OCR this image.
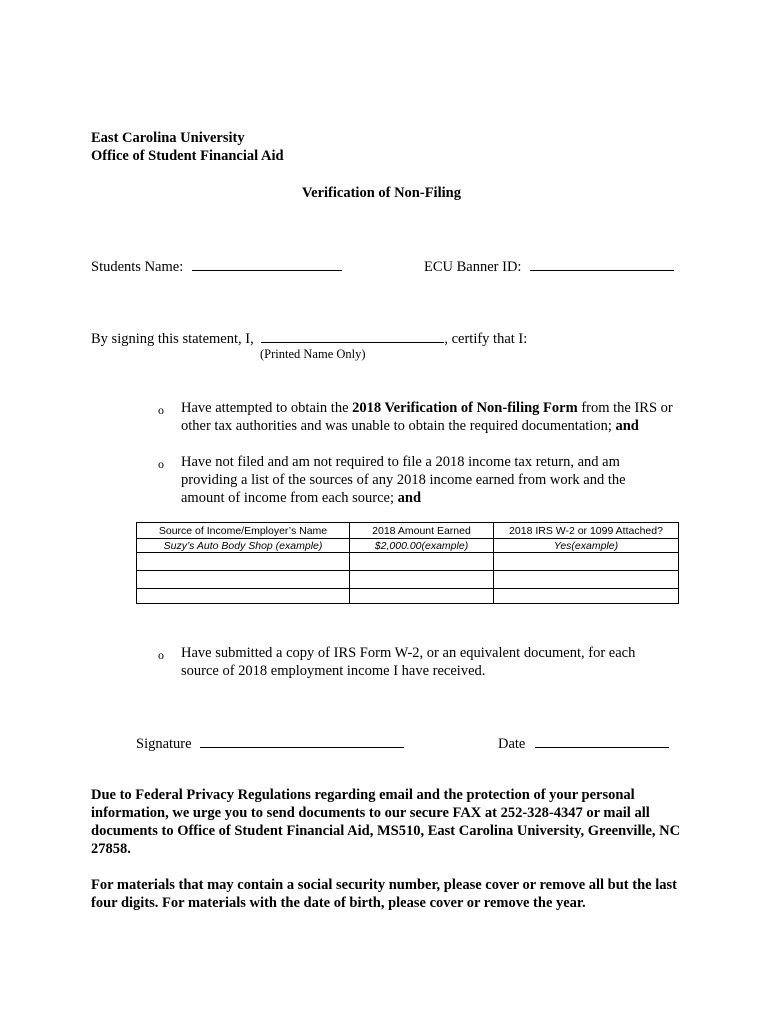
East Carolina University
Office of Student Financial Aid
Verification of Non-Filing
Students Name:	ECU Banner ID:
By signing this statement, I,	, certify that I:
(Printed Name Only)
o Have attempted to obtain the 2018 Verification of Non-filing Form from the IRS or other tax authorities and was unable to obtain the required documentation; and
o Have not filed and am not required to file a 2018 income tax return, and am providing a list of the sources of any 2018 income earned from work and the amount of income from each source; and
Source of Income/Employer’s Name	2018 Amount Earned	2018 IRS W-2 or 1099 Attached?
Suzy’s Auto Body Shop (example)	$2,000.00(example)	Yes(example)

o Have submitted a copy of IRS Form W-2, or an equivalent document, for each source of 2018 employment income I have received.
Signature	Date
Due to Federal Privacy Regulations regarding email and the protection of your personal information, we urge you to send documents to our secure FAX at 252-328-4347 or mail all documents to Office of Student Financial Aid, MS510, East Carolina University, Greenville, NC 27858.
For materials that may contain a social security number, please cover or remove all but the last four digits. For materials with the date of birth, please cover or remove the year.
